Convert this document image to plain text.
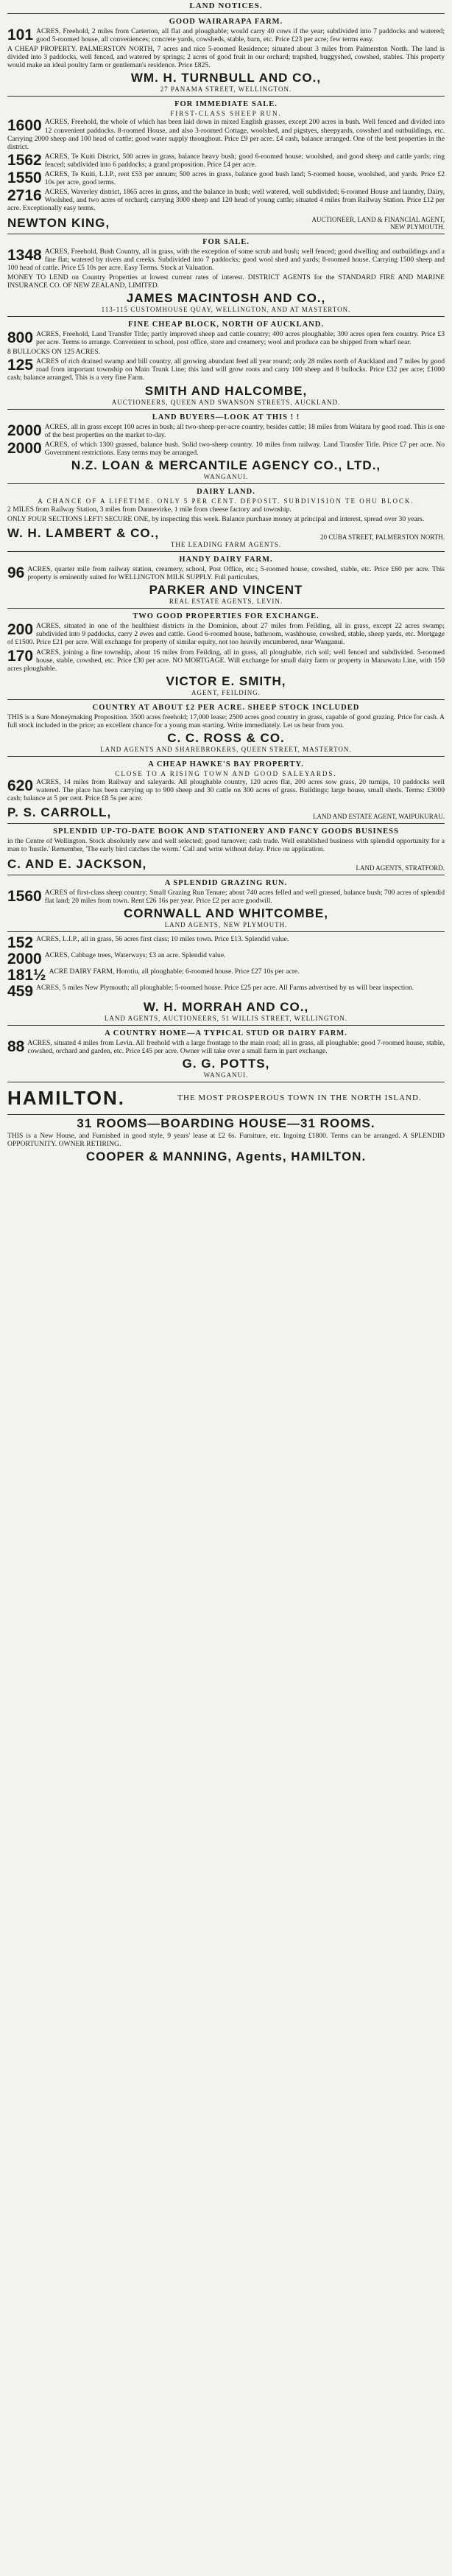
LAND NOTICES.
GOOD WAIRARAPA FARM.
101 ACRES, Freehold, 2 miles from Carterton, all flat and ploughable; would carry 40 cows if the year; subdivided into 7 paddocks and watered; good 5-roomed house, all conveniences; concrete yards, cowsheds, stable, barn, etc. Price £23 per acre; few terms easy.
A CHEAP PROPERTY. PALMERSTON NORTH, 7 acres and nice 5-roomed Residence; situated about 3 miles from Palmerston North. The land is divided into 3 paddocks, well fenced, and watered by springs; 2 acres of good fruit in our orchard; trapshed, buggyshed, cowshed, stables. This property would make an ideal poultry farm or gentleman's residence. Price £825.
WM. H. TURNBULL AND CO.,
27 PANAMA STREET, WELLINGTON.
FOR IMMEDIATE SALE.
FIRST-CLASS SHEEP RUN.
1600 ACRES, Freehold, the whole of which has been laid down in mixed English grasses, except 200 acres in bush. Well fenced and divided into 12 convenient paddocks. 8-roomed House, and also 3-roomed Cottage, woolshed, and pigstyes, sheepyards, cowshed and outbuildings, etc. Carrying 2000 sheep and 100 head of cattle; good water supply throughout. Price £9 per acre. £4 cash, balance arranged. One of the best properties in the district.
1562 ACRES, Te Kuiti District, 500 acres in grass, balance heavy bush; good 6-roomed house; woolshed, and good sheep and cattle yards; ring fenced; subdivided into 6 paddocks; a grand proposition. Price £4 per acre.
1550 ACRES, Te Kuiti, L.I.P., rent £53 per annum; 500 acres in grass, balance good bush land; 5-roomed house, woolshed, and yards. Price £2 10s per acre, good terms.
2716 ACRES, Waverley district, 1865 acres in grass, and the balance in bush; well watered, well subdivided; 6-roomed House and laundry, Dairy, Woolshed, and two acres of orchard; carrying 3000 sheep and 120 head of young cattle; situated 4 miles from Railway Station. Price £12 per acre. Exceptionally easy terms.
NEWTON KING,	AUCTIONEER, LAND & FINANCIAL AGENT, NEW PLYMOUTH.
FOR SALE.
1348 ACRES, Freehold, Bush Country, all in grass, with the exception of some scrub and bush; well fenced; good dwelling and outbuildings and a fine flat; watered by rivers and creeks. Subdivided into 7 paddocks; good wool shed and yards; 8-roomed house. Carrying 1500 sheep and 100 head of cattle. Price £5 10s per acre. Easy Terms. Stock at Valuation.
MONEY TO LEND on Country Properties at lowest current rates of interest. DISTRICT AGENTS for the STANDARD FIRE AND MARINE INSURANCE CO. OF NEW ZEALAND, LIMITED.
JAMES MACINTOSH AND CO.,
113-115 CUSTOMHOUSE QUAY, WELLINGTON, AND AT MASTERTON.
FINE CHEAP BLOCK, NORTH OF AUCKLAND.
800 ACRES, Freehold, Land Transfer Title; partly improved sheep and cattle country; 400 acres ploughable; 300 acres open fern country. Price £3 per acre. Terms to arrange. Convenient to school, post office, store and creamery; wool and produce can be shipped from wharf near.
8 BULLOCKS ON 125 ACRES.
125 ACRES of rich drained swamp and hill country, all growing abundant feed all year round; only 28 miles north of Auckland and 7 miles by good road from important township on Main Trunk Line; this land will grow roots and carry 100 sheep and 8 bullocks. Price £32 per acre; £1000 cash; balance arranged. This is a very fine Farm.
SMITH AND HALCOMBE,
AUCTIONEERS, QUEEN AND SWANSON STREETS, AUCKLAND.
LAND BUYERS—LOOK AT THIS ! !
2000 ACRES, all in grass except 100 acres in bush; all two-sheep-per-acre country, besides cattle; 18 miles from Waitara by good road. This is one of the best properties on the market to-day.
2000 ACRES, of which 1300 grassed, balance bush. Solid two-sheep country. 10 miles from railway. Land Transfer Title. Price £7 per acre. No Government restrictions. Easy terms may be arranged.
N.Z. LOAN & MERCANTILE AGENCY CO., LTD.,
WANGANUI.
DAIRY LAND.
A CHANCE OF A LIFETIME. ONLY 5 PER CENT. DEPOSIT. SUBDIVISION TE OHU BLOCK.
2 MILES from Railway Station, 3 miles from Dannevirke, 1 mile from cheese factory and township.
ONLY FOUR SECTIONS LEFT! SECURE ONE, by inspecting this week. Balance purchase money at principal and interest, spread over 30 years.
W. H. LAMBERT & CO.,	20 CUBA STREET, PALMERSTON NORTH.
THE LEADING FARM AGENTS.
HANDY DAIRY FARM.
96 ACRES, quarter mile from railway station, creamery, school, Post Office, etc.; 5-roomed house, cowshed, stable, etc. Price £60 per acre. This property is eminently suited for WELLINGTON MILK SUPPLY. Full particulars,
PARKER AND VINCENT
REAL ESTATE AGENTS, LEVIN.
TWO GOOD PROPERTIES FOR EXCHANGE.
200 ACRES, situated in one of the healthiest districts in the Dominion, about 27 miles from Feilding, all in grass, except 22 acres swamp; subdivided into 9 paddocks, carry 2 ewes and cattle. Good 6-roomed house, bathroom, washhouse, cowshed, stable, sheep yards, etc. Mortgage of £1500. Price £21 per acre. Will exchange for property of similar equity, not too heavily encumbered, near Wanganui.
170 ACRES, joining a fine township, about 16 miles from Feilding, all in grass, all ploughable, rich soil; well fenced and subdivided. 5-roomed house, stable, cowshed, etc. Price £30 per acre. NO MORTGAGE. Will exchange for small dairy farm or property in Manawatu Line, with 150 acres ploughable.
VICTOR E. SMITH,
AGENT, FEILDING.
COUNTRY AT ABOUT £2 PER ACRE. SHEEP STOCK INCLUDED
THIS is a Sure Moneymaking Proposition. 3500 acres freehold; 17,000 lease; 2500 acres good country in grass, capable of good grazing. Price for cash. A full stock included in the price; an excellent chance for a young man starting. Write immediately. Let us hear from you.
C. C. ROSS & CO.
LAND AGENTS AND SHAREBROKERS, QUEEN STREET, MASTERTON.
A CHEAP HAWKE'S BAY PROPERTY.
CLOSE TO A RISING TOWN AND GOOD SALEYARDS.
620 ACRES, 14 miles from Railway and saleyards. All ploughable country, 120 acres flat, 200 acres sow grass, 20 turnips, 10 paddocks well watered. The place has been carrying up to 900 sheep and 30 cattle on 300 acres of grass. Buildings; large house, small sheds. Terms: £3000 cash; balance at 5 per cent. Price £8 5s per acre.
P. S. CARROLL,	LAND AND ESTATE AGENT, WAIPUKURAU.
SPLENDID UP-TO-DATE BOOK AND STATIONERY AND FANCY GOODS BUSINESS
in the Centre of Wellington. Stock absolutely new and well selected; good turnover; cash trade. Well established business with splendid opportunity for a man to 'hustle.' Remember, 'The early bird catches the worm.' Call and write without delay. Price on application.
C. AND E. JACKSON,	LAND AGENTS, STRATFORD.
A SPLENDID GRAZING RUN.
1560 ACRES of first-class sheep country; Small Grazing Run Tenure; about 740 acres felled and well grassed, balance bush; 700 acres of splendid flat land; 20 miles from town. Rent £26 16s per year. Price £2 per acre goodwill.
CORNWALL AND WHITCOMBE,
LAND AGENTS, NEW PLYMOUTH.
152 ACRES, L.I.P., all in grass, 56 acres first class; 10 miles town. Price £13. Splendid value.
2000 ACRES, Cabbage trees, Waterways; £3 an acre. Splendid value.
181½ ACRE DAIRY FARM, Horotiu, all ploughable; 6-roomed house. Price £27 10s per acre.
459 ACRES, 5 miles New Plymouth; all ploughable; 5-roomed house. Price £25 per acre. All Farms advertised by us will bear inspection.
W. H. MORRAH AND CO.,
LAND AGENTS, AUCTIONEERS, 51 WILLIS STREET, WELLINGTON.
A COUNTRY HOME—A TYPICAL STUD OR DAIRY FARM.
88 ACRES, situated 4 miles from Levin. All freehold with a large frontage to the main road; all in grass, all ploughable; good 7-roomed house, stable, cowshed, orchard and garden, etc. Price £45 per acre. Owner will take over a small farm in part exchange.
G. G. POTTS,
WANGANUI.
HAMILTON.	THE MOST PROSPEROUS TOWN IN THE NORTH ISLAND.
31 ROOMS—BOARDING HOUSE—31 ROOMS.
THIS is a New House, and Furnished in good style, 9 years' lease at £2 6s. Furniture, etc. Ingoing £1800. Terms can be arranged. A SPLENDID OPPORTUNITY. OWNER RETIRING.
COOPER & MANNING, Agents, HAMILTON.
